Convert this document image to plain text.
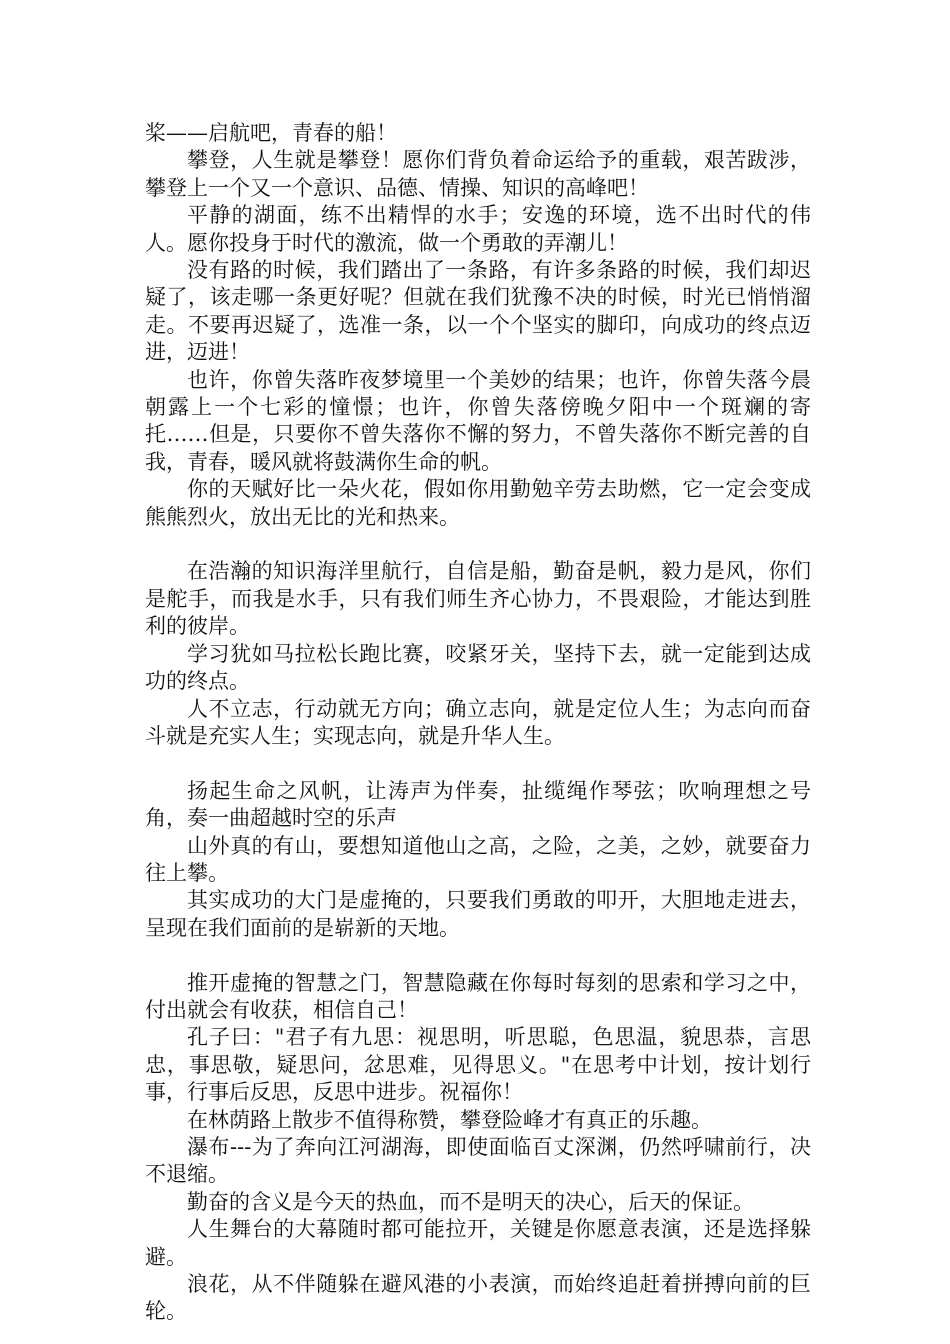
桨——启航吧，青春的船！

攀登，人生就是攀登！愿你们背负着命运给予的重载，艰苦跋涉，攀登上一个又一个意识、品德、情操、知识的高峰吧！

平静的湖面，练不出精悍的水手；安逸的环境，选不出时代的伟人。愿你投身于时代的激流，做一个勇敢的弄潮儿！

没有路的时候，我们踏出了一条路，有许多条路的时候，我们却迟疑了，该走哪一条更好呢？但就在我们犹豫不决的时候，时光已悄悄溜走。不要再迟疑了，选准一条，以一个个坚实的脚印，向成功的终点迈进，迈进！

也许，你曾失落昨夜梦境里一个美妙的结果；也许，你曾失落今晨朝露上一个七彩的憧憬；也许，你曾失落傍晚夕阳中一个斑斓的寄托……但是，只要你不曾失落你不懈的努力，不曾失落你不断完善的自我，青春，暖风就将鼓满你生命的帆。

你的天赋好比一朵火花，假如你用勤勉辛劳去助燃，它一定会变成熊熊烈火，放出无比的光和热来。

在浩瀚的知识海洋里航行，自信是船，勤奋是帆，毅力是风，你们是舵手，而我是水手，只有我们师生齐心协力，不畏艰险，才能达到胜利的彼岸。

学习犹如马拉松长跑比赛，咬紧牙关，坚持下去，就一定能到达成功的终点。

人不立志，行动就无方向；确立志向，就是定位人生；为志向而奋斗就是充实人生；实现志向，就是升华人生。

扬起生命之风帆，让涛声为伴奏，扯缆绳作琴弦；吹响理想之号角，奏一曲超越时空的乐声

山外真的有山，要想知道他山之高，之险，之美，之妙，就要奋力往上攀。

其实成功的大门是虚掩的，只要我们勇敢的叩开，大胆地走进去，呈现在我们面前的是崭新的天地。

推开虚掩的智慧之门，智慧隐藏在你每时每刻的思索和学习之中，付出就会有收获，相信自己！

孔子曰："君子有九思：视思明，听思聪，色思温，貌思恭，言思忠，事思敬，疑思问，忿思难，见得思义。"在思考中计划，按计划行事，行事后反思，反思中进步。祝福你！

在林荫路上散步不值得称赞，攀登险峰才有真正的乐趣。

瀑布---为了奔向江河湖海，即使面临百丈深渊，仍然呼啸前行，决不退缩。

勤奋的含义是今天的热血，而不是明天的决心，后天的保证。

人生舞台的大幕随时都可能拉开，关键是你愿意表演，还是选择躲避。

浪花，从不伴随躲在避风港的小表演，而始终追赶着拼搏向前的巨轮。
